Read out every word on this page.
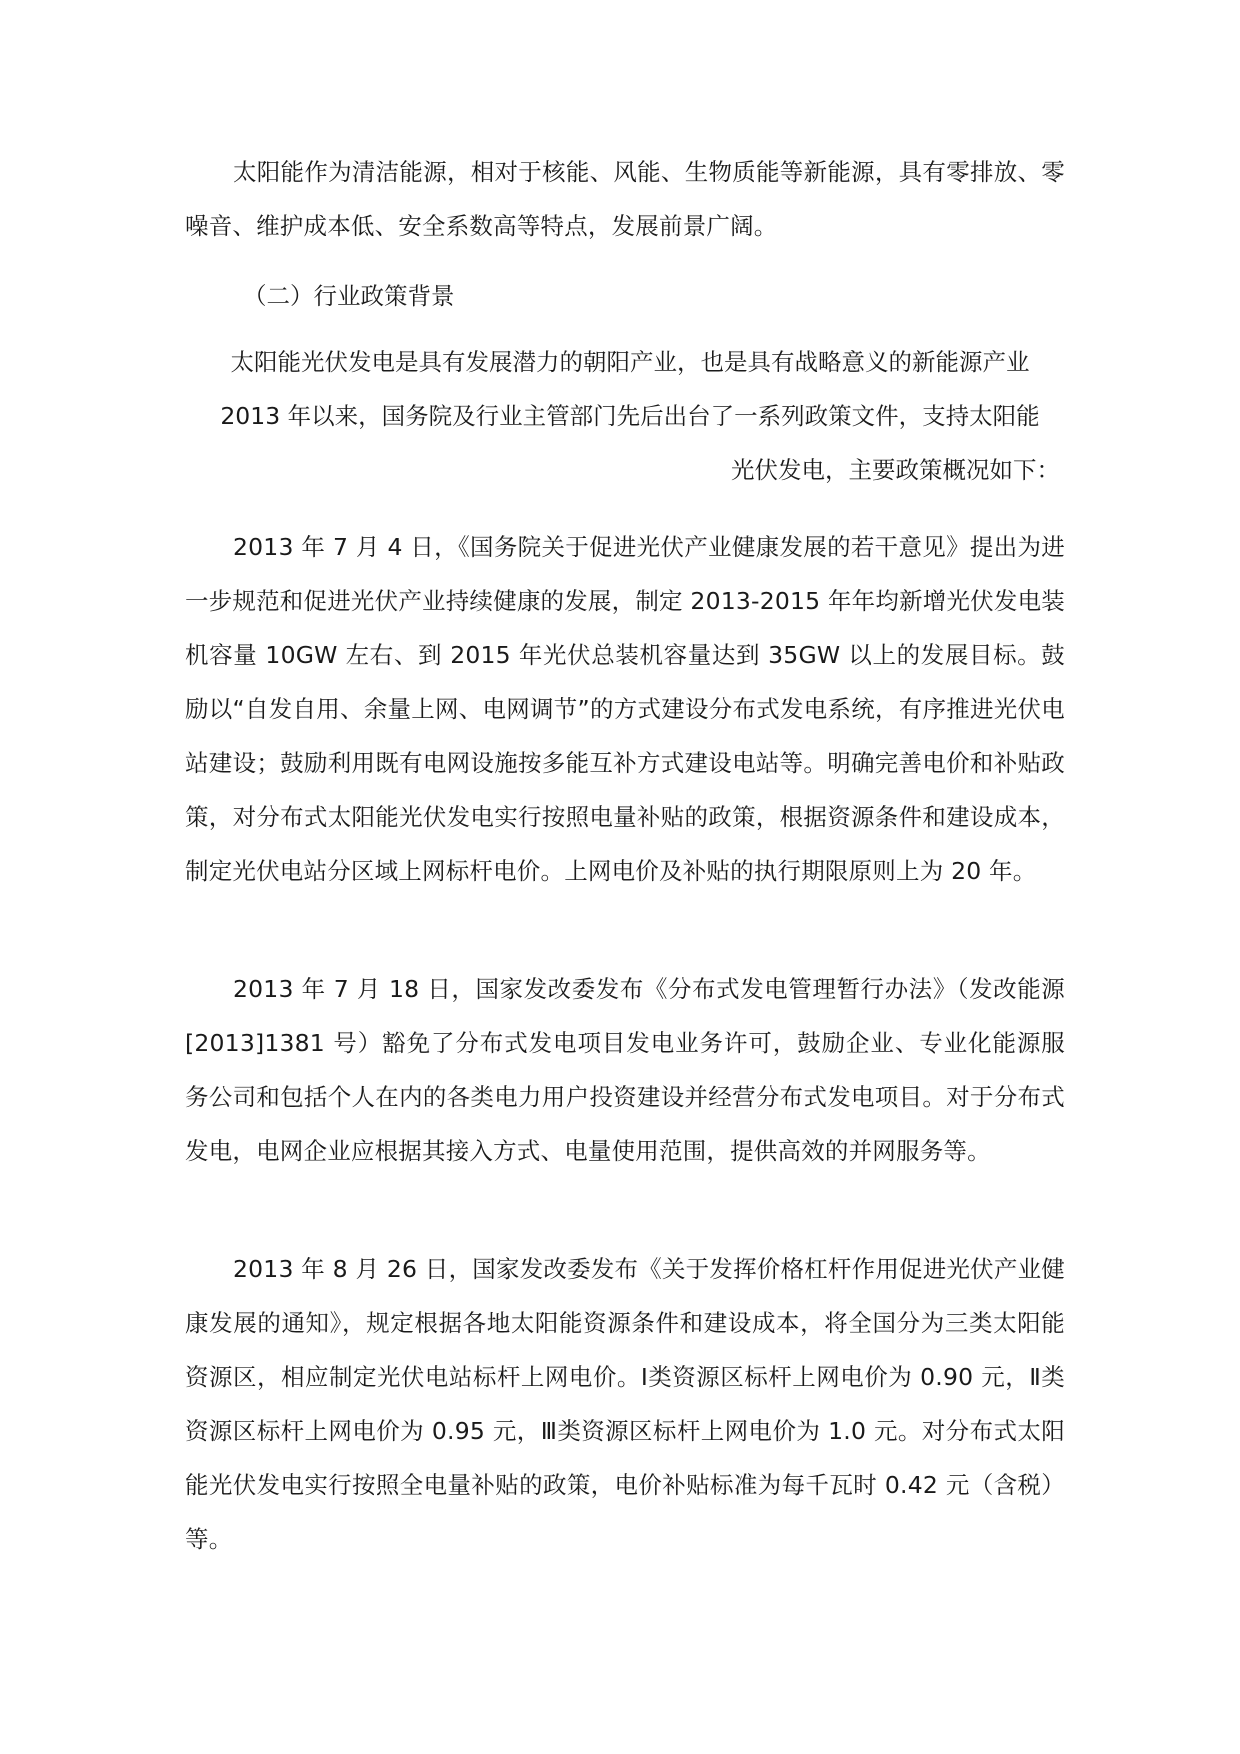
太阳能作为清洁能源，相对于核能、风能、生物质能等新能源，具有零排放、零噪音、维护成本低、安全系数高等特点，发展前景广阔。

（二）行业政策背景

太阳能光伏发电是具有发展潜力的朝阳产业，也是具有战略意义的新能源产业

2013 年以来，国务院及行业主管部门先后出台了一系列政策文件，支持太阳能

光伏发电，主要政策概况如下：

2013 年 7 月 4 日，《国务院关于促进光伏产业健康发展的若干意见》提出为进一步规范和促进光伏产业持续健康的发展，制定 2013-2015 年年均新增光伏发电装机容量 10GW 左右、到 2015 年光伏总装机容量达到 35GW 以上的发展目标。鼓励以“自发自用、余量上网、电网调节”的方式建设分布式发电系统，有序推进光伏电站建设；鼓励利用既有电网设施按多能互补方式建设电站等。明确完善电价和补贴政策，对分布式太阳能光伏发电实行按照电量补贴的政策，根据资源条件和建设成本，制定光伏电站分区域上网标杆电价。上网电价及补贴的执行期限原则上为 20 年。

2013 年 7 月 18 日，国家发改委发布《分布式发电管理暂行办法》（发改能源 [2013]1381 号）豁免了分布式发电项目发电业务许可，鼓励企业、专业化能源服务公司和包括个人在内的各类电力用户投资建设并经营分布式发电项目。对于分布式发电，电网企业应根据其接入方式、电量使用范围，提供高效的并网服务等。

2013 年 8 月 26 日，国家发改委发布《关于发挥价格杠杆作用促进光伏产业健康发展的通知》，规定根据各地太阳能资源条件和建设成本，将全国分为三类太阳能资源区，相应制定光伏电站标杆上网电价。Ⅰ类资源区标杆上网电价为 0.90 元，Ⅱ类资源区标杆上网电价为 0.95 元，Ⅲ类资源区标杆上网电价为 1.0 元。对分布式太阳能光伏发电实行按照全电量补贴的政策，电价补贴标准为每千瓦时 0.42 元（含税）等。
